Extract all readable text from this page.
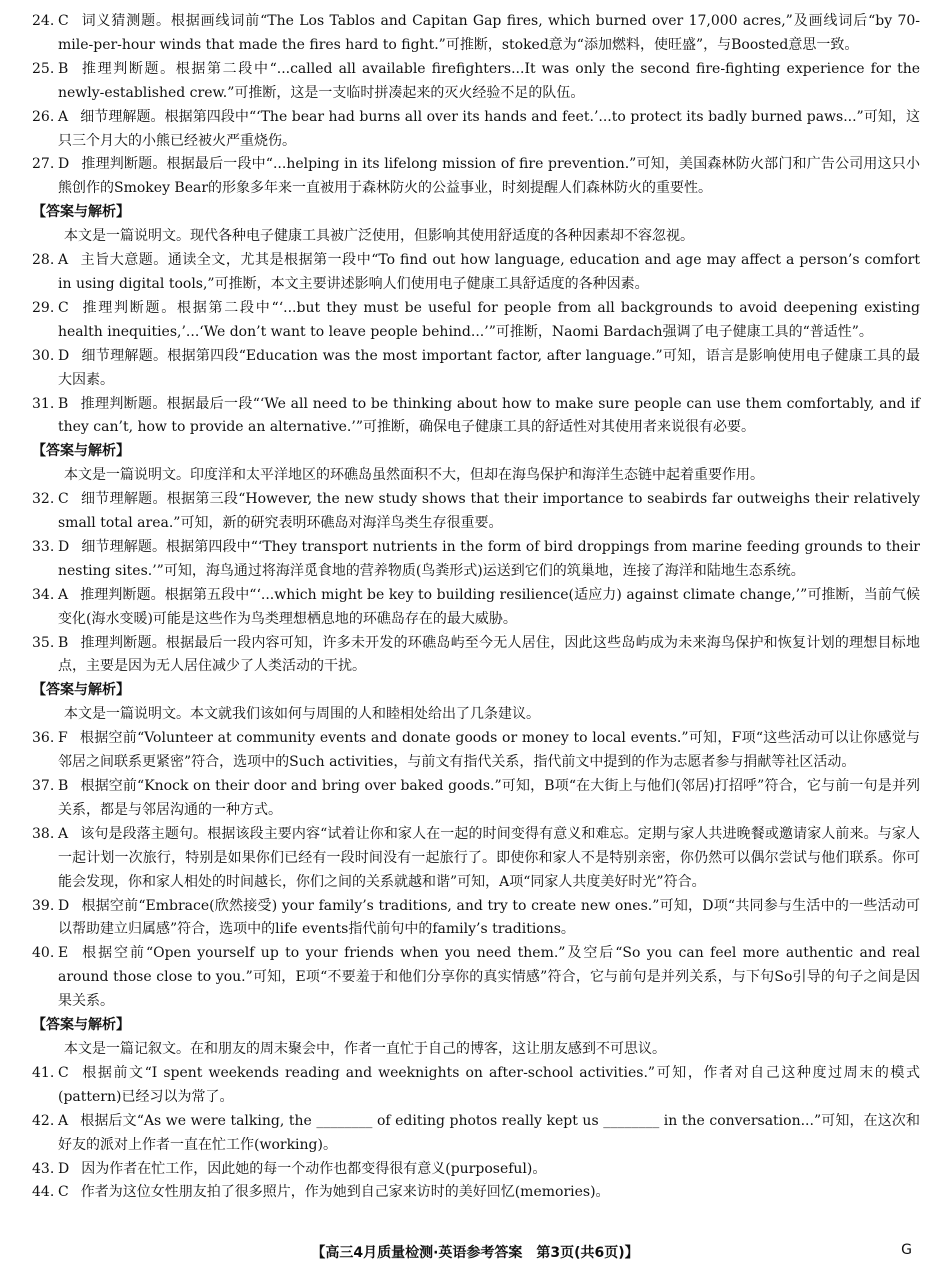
24. C 词义猜测题。根据画线词前“The Los Tablos and Capitan Gap fires, which burned over 17,000 acres,”及画线词后“by 70-mile-per-hour winds that made the fires hard to fight.”可推断，stoked意为“添加燃料，使旺盛”，与Boosted意思一致。
25. B 推理判断题。根据第二段中“...called all available firefighters...It was only the second fire-fighting experience for the newly-established crew.”可推断，这是一支临时拼凑起来的灭火经验不足的队伍。
26. A 细节理解题。根据第四段中“‘The bear had burns all over its hands and feet.’...to protect its badly burned paws...”可知，这只三个月大的小熊已经被火严重烧伤。
27. D 推理判断题。根据最后一段中“...helping in its lifelong mission of fire prevention.”可知，美国森林防火部门和广告公司用这只小熊创作的Smokey Bear的形象多年来一直被用于森林防火的公益事业，时刻提醒人们森林防火的重要性。
【答案与解析】
本文是一篇说明文。现代各种电子健康工具被广泛使用，但影响其使用舒适度的各种因素却不容忽视。
28. A 主旨大意题。通读全文，尤其是根据第一段中“To find out how language, education and age may affect a person’s comfort in using digital tools,”可推断，本文主要讲述影响人们使用电子健康工具舒适度的各种因素。
29. C 推理判断题。根据第二段中“‘...but they must be useful for people from all backgrounds to avoid deepening existing health inequities,’...‘We don’t want to leave people behind...’”可推断，Naomi Bardach强调了电子健康工具的“普适性”。
30. D 细节理解题。根据第四段“Education was the most important factor, after language.”可知，语言是影响使用电子健康工具的最大因素。
31. B 推理判断题。根据最后一段“‘We all need to be thinking about how to make sure people can use them comfortably, and if they can’t, how to provide an alternative.’”可推断，确保电子健康工具的舒适性对其使用者来说很有必要。
【答案与解析】
本文是一篇说明文。印度洋和太平洋地区的环礁岛虽然面积不大，但却在海鸟保护和海洋生态链中起着重要作用。
32. C 细节理解题。根据第三段“However, the new study shows that their importance to seabirds far outweighs their relatively small total area.”可知，新的研究表明环礁岛对海洋鸟类生存很重要。
33. D 细节理解题。根据第四段中“‘They transport nutrients in the form of bird droppings from marine feeding grounds to their nesting sites.’”可知，海鸟通过将海洋觅食地的营养物质(鸟粪形式)运送到它们的筑巢地，连接了海洋和陆地生态系统。
34. A 推理判断题。根据第五段中“‘...which might be key to building resilience(适应力) against climate change,’”可推断，当前气候变化(海水变暖)可能是这些作为鸟类理想栖息地的环礁岛存在的最大威胁。
35. B 推理判断题。根据最后一段内容可知，许多未开发的环礁岛屿至今无人居住，因此这些岛屿成为未来海鸟保护和恢复计划的理想目标地点，主要是因为无人居住减少了人类活动的干扰。
【答案与解析】
本文是一篇说明文。本文就我们该如何与周围的人和睦相处给出了几条建议。
36. F 根据空前“Volunteer at community events and donate goods or money to local events.”可知，F项“这些活动可以让你感觉与邻居之间联系更紧密”符合，选项中的Such activities，与前文有指代关系，指代前文中提到的作为志愿者参与捐献等社区活动。
37. B 根据空前“Knock on their door and bring over baked goods.”可知，B项“在大街上与他们(邻居)打招呼”符合，它与前一句是并列关系，都是与邻居沟通的一种方式。
38. A 该句是段落主题句。根据该段主要内容“试着让你和家人在一起的时间变得有意义和难忘。定期与家人共进晚餐或邀请家人前来。与家人一起计划一次旅行，特别是如果你们已经有一段时间没有一起旅行了。即使你和家人不是特别亲密，你仍然可以偶尔尝试与他们联系。你可能会发现，你和家人相处的时间越长，你们之间的关系就越和谐”可知，A项“同家人共度美好时光”符合。
39. D 根据空前“Embrace(欣然接受) your family’s traditions, and try to create new ones.”可知，D项“共同参与生活中的一些活动可以帮助建立归属感”符合，选项中的life events指代前句中的family’s traditions。
40. E 根据空前“Open yourself up to your friends when you need them.”及空后“So you can feel more authentic and real around those close to you.”可知，E项“不要羞于和他们分享你的真实情感”符合，它与前句是并列关系，与下句So引导的句子之间是因果关系。
【答案与解析】
本文是一篇记叙文。在和朋友的周末聚会中，作者一直忙于自己的博客，这让朋友感到不可思议。
41. C 根据前文“I spent weekends reading and weeknights on after-school activities.”可知，作者对自己这种度过周末的模式(pattern)已经习以为常了。
42. A 根据后文“As we were talking, the ________ of editing photos really kept us ________ in the conversation...”可知，在这次和好友的派对上作者一直在忙工作(working)。
43. D 因为作者在忙工作，因此她的每一个动作也都变得很有意义(purposeful)。
44. C 作者为这位女性朋友拍了很多照片，作为她到自己家来访时的美好回忆(memories)。
【高三4月质量检测·英语参考答案　第3页(共6页)】	G
